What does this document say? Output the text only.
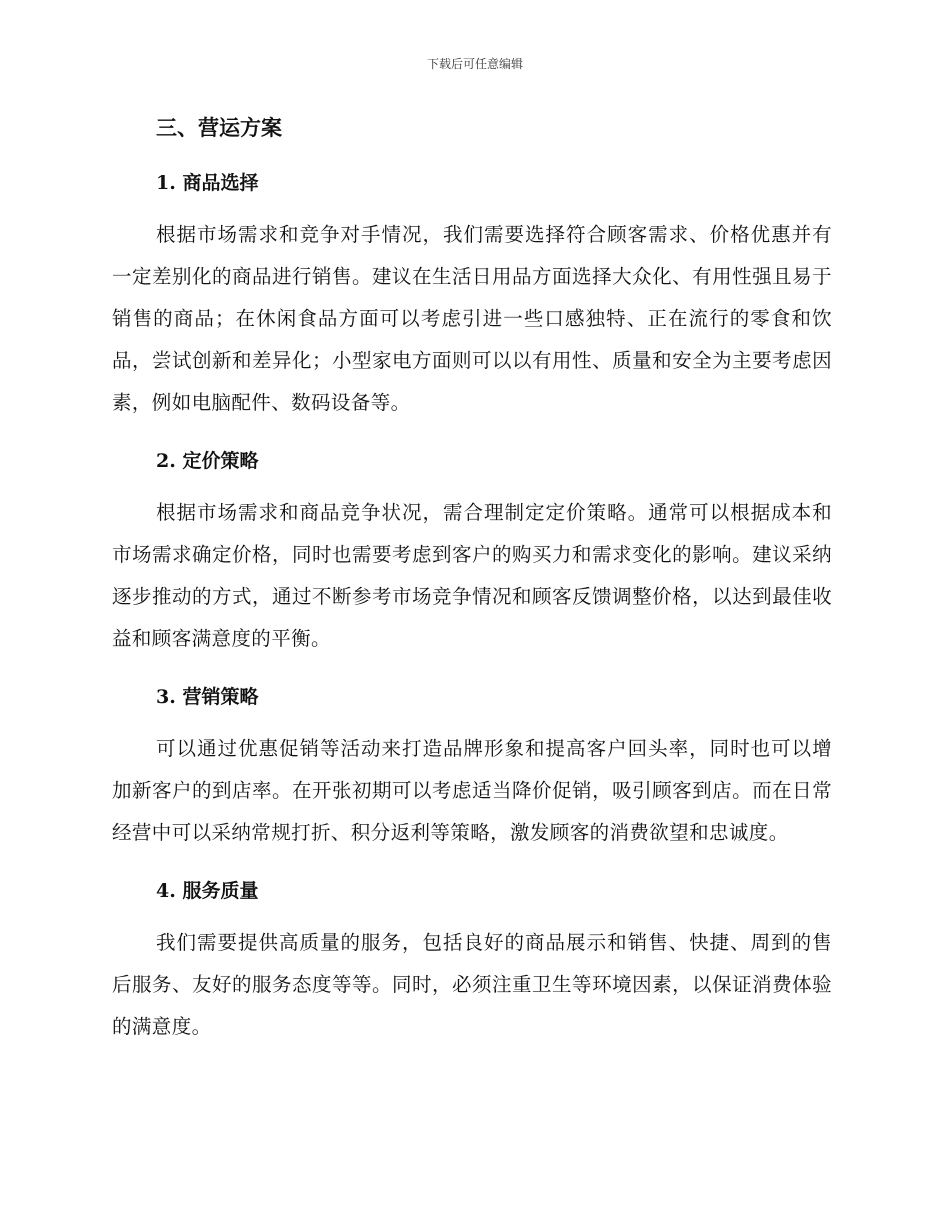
下载后可任意编辑
三、营运方案
1. 商品选择

根据市场需求和竞争对手情况，我们需要选择符合顾客需求、价格优惠并有一定差别化的商品进行销售。建议在生活日用品方面选择大众化、有用性强且易于销售的商品；在休闲食品方面可以考虑引进一些口感独特、正在流行的零食和饮品，尝试创新和差异化；小型家电方面则可以以有用性、质量和安全为主要考虑因素，例如电脑配件、数码设备等。

2. 定价策略

根据市场需求和商品竞争状况，需合理制定定价策略。通常可以根据成本和市场需求确定价格，同时也需要考虑到客户的购买力和需求变化的影响。建议采纳逐步推动的方式，通过不断参考市场竞争情况和顾客反馈调整价格，以达到最佳收益和顾客满意度的平衡。

3. 营销策略

可以通过优惠促销等活动来打造品牌形象和提高客户回头率，同时也可以增加新客户的到店率。在开张初期可以考虑适当降价促销，吸引顾客到店。而在日常经营中可以采纳常规打折、积分返利等策略，激发顾客的消费欲望和忠诚度。

4. 服务质量

我们需要提供高质量的服务，包括良好的商品展示和销售、快捷、周到的售后服务、友好的服务态度等等。同时，必须注重卫生等环境因素，以保证消费体验的满意度。
